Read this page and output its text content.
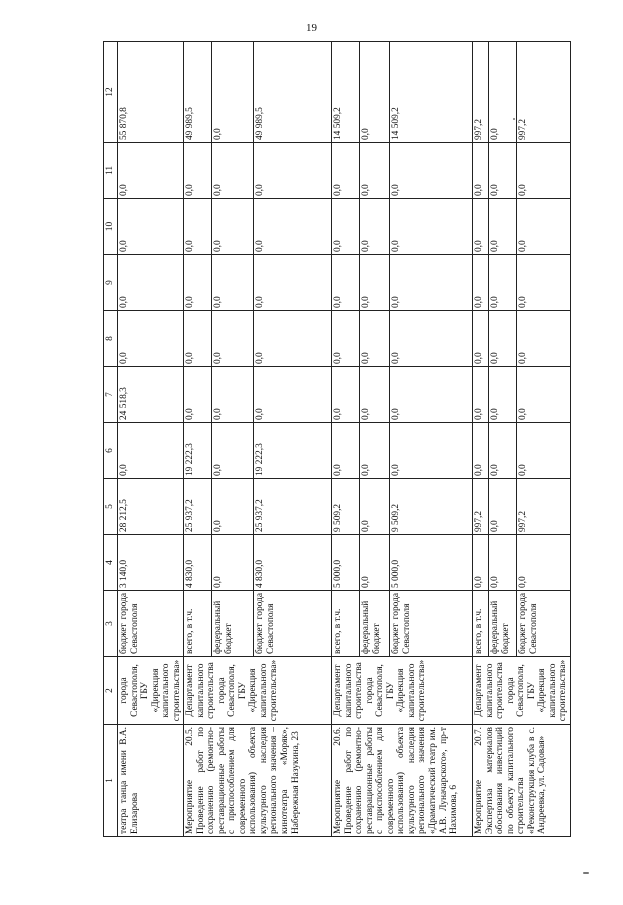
19
1	2	3	4	5	6	7	8	9	10	11	12
театра танца имени В.А. Елизарова	города Севастополя, ГБУ «Дирекция капитального строительства»	бюджет города Севастополя	3 140,0	28 212,5	0,0	24 518,3	0,0	0,0	0,0	0,0	55 870,8
Мероприятие 20.5. Проведение работ по сохранению (ремонтно-реставрационные работы с приспособлением для современного использования) объекта культурного наследия регионального значения – кинотеатра «Моряк», Набережная Назукина, 23	Департамент капитального строительства города Севастополя, ГБУ «Дирекция капитального строительства»	всего, в т.ч.	4 830,0	25 937,2	19 222,3	0,0	0,0	0,0	0,0	0,0	49 989,5
		федеральный бюджет	0,0	0,0	0,0	0,0	0,0	0,0	0,0	0,0	0,0
		бюджет города Севастополя	4 830,0	25 937,2	19 222,3	0,0	0,0	0,0	0,0	0,0	49 989,5
Мероприятие 20.6. Проведение работ по сохранению (ремонтно-реставрационные работы с приспособлением для современного использования) объекта культурного наследия регионального значения «Драматический театр им. А.В. Луначарского», пр-т Нахимова, 6	Департамент капитального строительства города Севастополя, ГБУ «Дирекция капитального строительства»	всего, в т.ч.	5 000,0	9 509,2	0,0	0,0	0,0	0,0	0,0	0,0	14 509,2
		федеральный бюджет	0,0	0,0	0,0	0,0	0,0	0,0	0,0	0,0	0,0
		бюджет города Севастополя	5 000,0	9 509,2	0,0	0,0	0,0	0,0	0,0	0,0	14 509,2
Мероприятие 20.7. Экспертиза материалов обоснования инвестиций по объекту капитального строительства «Реконструкция клуба в с. Андреевка, ул. Садовая»	Департамент капитального строительства города Севастополя, ГБУ «Дирекция капитального строительства»	всего, в т.ч.	0,0	997,2	0,0	0,0	0,0	0,0	0,0	0,0	997,2
		федеральный бюджет	0,0	0,0	0,0	0,0	0,0	0,0	0,0	0,0	0,0
		бюджет города Севастополя	0,0	997,2	0,0	0,0	0,0	0,0	0,0	0,0	997,2
